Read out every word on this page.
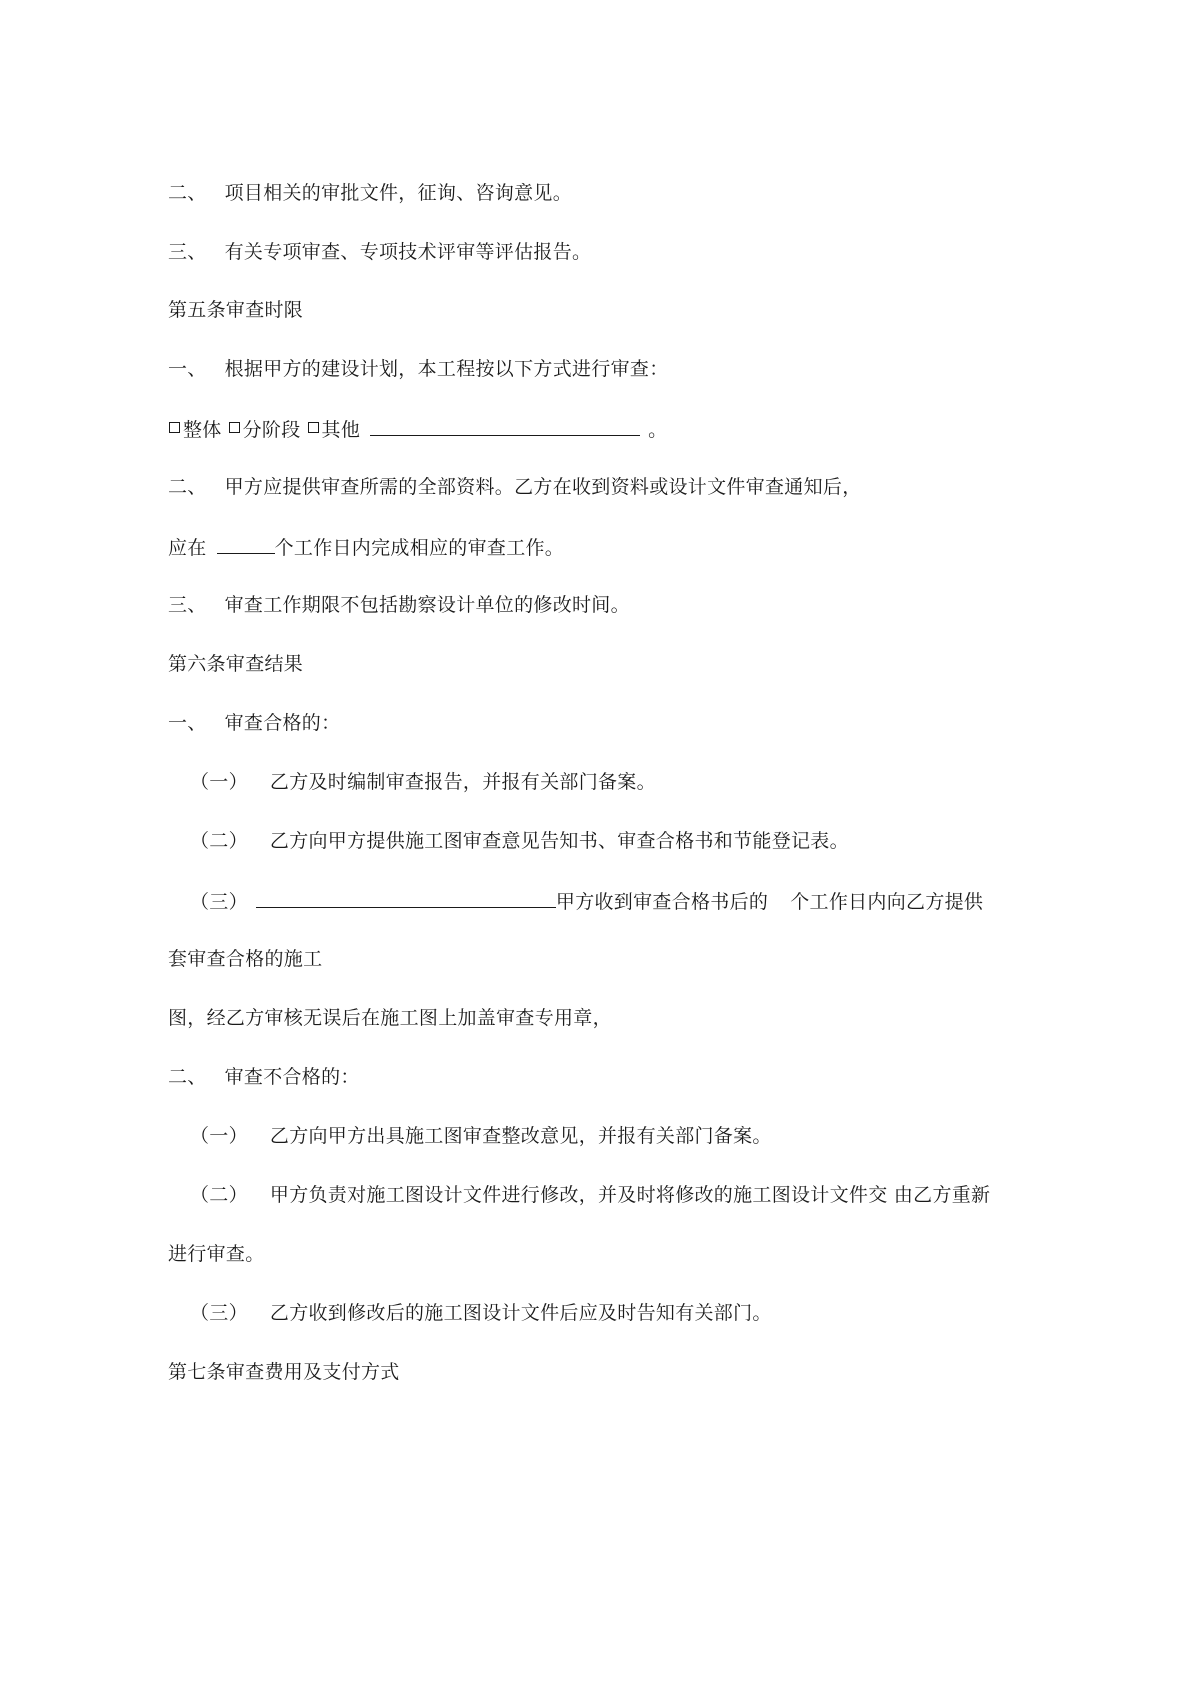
二、 项目相关的审批文件，征询、咨询意见。
三、 有关专项审查、专项技术评审等评估报告。
第五条审查时限
一、 根据甲方的建设计划，本工程按以下方式进行审查：
整体 分阶段 其他	。
二、 甲方应提供审查所需的全部资料。乙方在收到资料或设计文件审查通知后，
应在	个工作日内完成相应的审查工作。
三、 审查工作期限不包括勘察设计单位的修改时间。
第六条审查结果
一、 审查合格的：
（一） 乙方及时编制审查报告，并报有关部门备案。
（二） 乙方向甲方提供施工图审查意见告知书、审查合格书和节能登记表。
（三）	甲方收到审查合格书后的 个工作日内向乙方提供
套审查合格的施工
图，经乙方审核无误后在施工图上加盖审查专用章，
二、 审查不合格的：
（一） 乙方向甲方出具施工图审查整改意见，并报有关部门备案。
（二） 甲方负责对施工图设计文件进行修改，并及时将修改的施工图设计文件交 由乙方重新
进行审查。
（三） 乙方收到修改后的施工图设计文件后应及时告知有关部门。
第七条审查费用及支付方式
